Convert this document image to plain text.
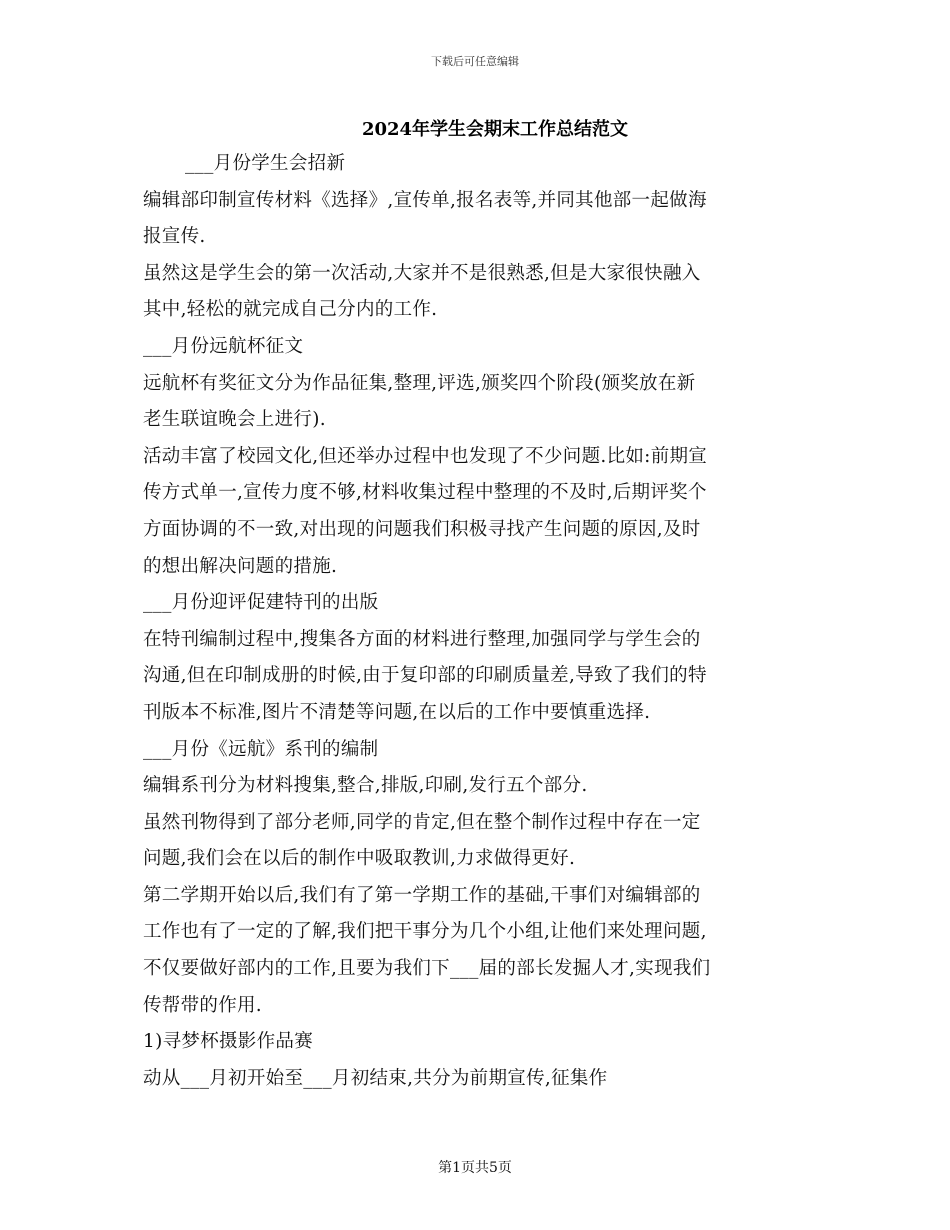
下载后可任意编辑
2024年学生会期末工作总结范文
___月份学生会招新
编辑部印制宣传材料《选择》,宣传单,报名表等,并同其他部一起做海
报宣传.
虽然这是学生会的第一次活动,大家并不是很熟悉,但是大家很快融入
其中,轻松的就完成自己分内的工作.
___月份远航杯征文
远航杯有奖征文分为作品征集,整理,评选,颁奖四个阶段(颁奖放在新
老生联谊晚会上进行).
活动丰富了校园文化,但还举办过程中也发现了不少问题.比如:前期宣
传方式单一,宣传力度不够,材料收集过程中整理的不及时,后期评奖个
方面协调的不一致,对出现的问题我们积极寻找产生问题的原因,及时
的想出解决问题的措施.
___月份迎评促建特刊的出版
在特刊编制过程中,搜集各方面的材料进行整理,加强同学与学生会的
沟通,但在印制成册的时候,由于复印部的印刷质量差,导致了我们的特
刊版本不标准,图片不清楚等问题,在以后的工作中要慎重选择.
___月份《远航》系刊的编制
编辑系刊分为材料搜集,整合,排版,印刷,发行五个部分.
虽然刊物得到了部分老师,同学的肯定,但在整个制作过程中存在一定
问题,我们会在以后的制作中吸取教训,力求做得更好.
第二学期开始以后,我们有了第一学期工作的基础,干事们对编辑部的
工作也有了一定的了解,我们把干事分为几个小组,让他们来处理问题,
不仅要做好部内的工作,且要为我们下___届的部长发掘人才,实现我们
传帮带的作用.
1)寻梦杯摄影作品赛
动从___月初开始至___月初结束,共分为前期宣传,征集作
第1页共5页
